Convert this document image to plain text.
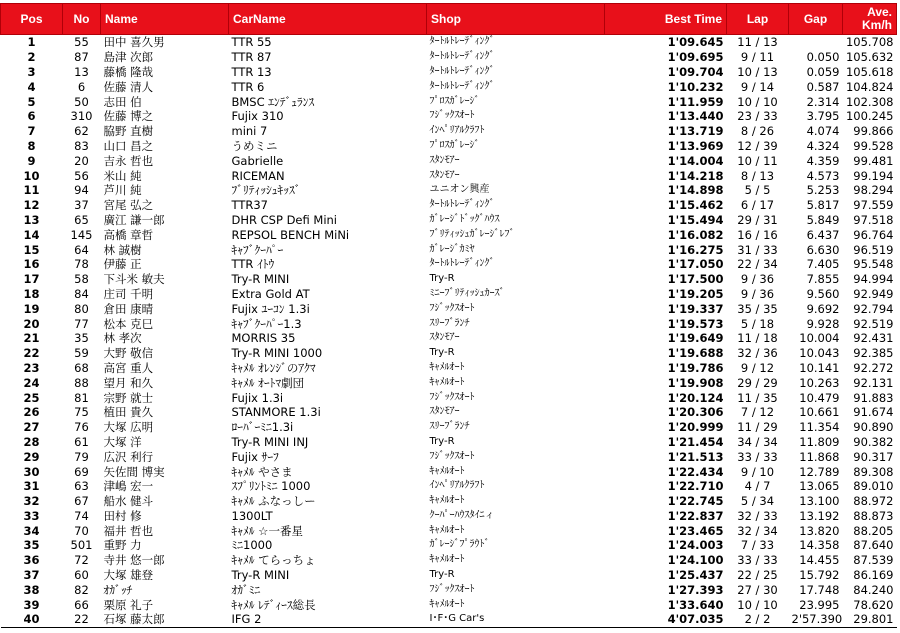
Pos	No	Name	CarName	Shop	Best Time	Lap	Gap	Ave.
Km/h
1	55	田中 喜久男	TTR 55	ﾀｰﾄﾙﾄﾚｰﾃﾞｨﾝｸﾞ	1'09.645	11 / 13		105.708
2	87	島津 次郎	TTR 87	ﾀｰﾄﾙﾄﾚｰﾃﾞｨﾝｸﾞ	1'09.695	9 / 11	0.050	105.632
3	13	藤橋 隆哉	TTR 13	ﾀｰﾄﾙﾄﾚｰﾃﾞｨﾝｸﾞ	1'09.704	10 / 13	0.059	105.618
4	6	佐藤 清人	TTR 6	ﾀｰﾄﾙﾄﾚｰﾃﾞｨﾝｸﾞ	1'10.232	9 / 14	0.587	104.824
5	50	志田 伯	BMSC ｴﾝﾃﾞｭﾗﾝｽ	ﾌﾟﾛｽｶﾞﾚｰｼﾞ	1'11.959	10 / 10	2.314	102.308
6	310	佐藤 博之	Fujix 310	ﾌｼﾞｯｸｽｵｰﾄ	1'13.440	23 / 33	3.795	100.245
7	62	脇野 直樹	mini 7	ｲﾝﾍﾟﾘｱﾙｸﾗﾌﾄ	1'13.719	8 / 26	4.074	99.866
8	83	山口 昌之	うめミニ	ﾌﾟﾛｽｶﾞﾚｰｼﾞ	1'13.969	12 / 39	4.324	99.528
9	20	吉永 哲也	Gabrielle	ｽﾀﾝﾓｱｰ	1'14.004	10 / 11	4.359	99.481
10	56	米山 純	RICEMAN	ｽﾀﾝﾓｱｰ	1'14.218	8 / 13	4.573	99.194
11	94	芦川 純	ﾌﾞﾘﾃｨｯｼｭｷｯｽﾞ	ユニオン興産	1'14.898	5 / 5	5.253	98.294
12	37	宮尾 弘之	TTR37	ﾀｰﾄﾙﾄﾚｰﾃﾞｨﾝｸﾞ	1'15.462	6 / 17	5.817	97.559
13	65	廣江 謙一郎	DHR CSP Defi Mini	ｶﾞﾚｰｼﾞﾄﾞｯｸﾞﾊｳｽ	1'15.494	29 / 31	5.849	97.518
14	145	高橋 章哲	REPSOL BENCH MiNi	ﾌﾞﾘﾃｨｯｼｭｶﾞﾚｰｼﾞﾚﾌﾞ	1'16.082	16 / 16	6.437	96.764
15	64	林 誠樹	ｷｬﾌﾞｸｰﾊﾟｰ	ｶﾞﾚｰｼﾞｶﾐﾔ	1'16.275	31 / 33	6.630	96.519
16	78	伊藤 正	TTR ｲﾄｳ	ﾀｰﾄﾙﾄﾚｰﾃﾞｨﾝｸﾞ	1'17.050	22 / 34	7.405	95.548
17	58	下斗米 敏夫	Try-R MINI	Try-R	1'17.500	9 / 36	7.855	94.994
18	84	庄司 千明	Extra Gold AT	ﾐﾆｰﾌﾞﾘﾃｨｯｼｭｶｰｽﾞ	1'19.205	9 / 36	9.560	92.949
19	80	倉田 康晴	Fujix ﾕｰｺﾝ 1.3i	ﾌｼﾞｯｸｽｵｰﾄ	1'19.337	35 / 35	9.692	92.794
20	77	松本 克巳	ｷｬﾌﾞｸｰﾊﾟｰ1.3	ｽﾘｰﾌﾞﾗﾝﾁ	1'19.573	5 / 18	9.928	92.519
21	35	林 孝次	MORRIS 35	ｽﾀﾝﾓｱｰ	1'19.649	11 / 18	10.004	92.431
22	59	大野 敬信	Try-R MINI 1000	Try-R	1'19.688	32 / 36	10.043	92.385
23	68	高宮 重人	ｷｬﾒﾙ ｵﾚﾝｼﾞのｱｸﾏ	ｷｬﾒﾙｵｰﾄ	1'19.786	9 / 12	10.141	92.272
24	88	望月 和久	ｷｬﾒﾙ ｵｰﾄﾏ劇団	ｷｬﾒﾙｵｰﾄ	1'19.908	29 / 29	10.263	92.131
25	81	宗野 就士	Fujix 1.3i	ﾌｼﾞｯｸｽｵｰﾄ	1'20.124	11 / 35	10.479	91.883
26	75	植田 貴久	STANMORE 1.3i	ｽﾀﾝﾓｱｰ	1'20.306	7 / 12	10.661	91.674
27	76	大塚 広明	ﾛｰﾊﾞｰﾐﾆ1.3i	ｽﾘｰﾌﾞﾗﾝﾁ	1'20.999	11 / 29	11.354	90.890
28	61	大塚 洋	Try-R MINI INJ	Try-R	1'21.454	34 / 34	11.809	90.382
29	79	広沢 利行	Fujix ｻｰﾌ	ﾌｼﾞｯｸｽｵｰﾄ	1'21.513	33 / 33	11.868	90.317
30	69	矢佐間 博実	ｷｬﾒﾙ やさま	ｷｬﾒﾙｵｰﾄ	1'22.434	9 / 10	12.789	89.308
31	63	津嶋 宏一	ｽﾌﾟﾘﾝﾄﾐﾆ 1000	ｲﾝﾍﾟﾘｱﾙｸﾗﾌﾄ	1'22.710	4 / 7	13.065	89.010
32	67	船水 健斗	ｷｬﾒﾙ ふなっしー	ｷｬﾒﾙｵｰﾄ	1'22.745	5 / 34	13.100	88.972
33	74	田村 修	1300LT	ｸｰﾊﾟｰﾊｳｽﾀｲﾆィ	1'22.837	32 / 33	13.192	88.873
34	70	福井 哲也	ｷｬﾒﾙ ☆一番星	ｷｬﾒﾙｵｰﾄ	1'23.465	32 / 34	13.820	88.205
35	501	重野 力	ﾐﾆ1000	ｶﾞﾚｰｼﾞﾌﾟﾗｳﾄﾞ	1'24.003	7 / 33	14.358	87.640
36	72	寺井 悠一郎	ｷｬﾒﾙ てらっちょ	ｷｬﾒﾙｵｰﾄ	1'24.100	33 / 33	14.455	87.539
37	60	大塚 雄登	Try-R MINI	Try-R	1'25.437	22 / 25	15.792	86.169
38	82	ｵｶﾞｯﾁ	ｵｶﾞﾐﾆ	ﾌｼﾞｯｸｽｵｰﾄ	1'27.393	27 / 30	17.748	84.240
39	66	栗原 礼子	ｷｬﾒﾙ ﾚﾃﾞｨｰｽ総長	ｷｬﾒﾙｵｰﾄ	1'33.640	10 / 10	23.995	78.620
40	22	石塚 藤太郎	IFG 2	I･F･G Car's	4'07.035	2 / 2	2'57.390	29.801
